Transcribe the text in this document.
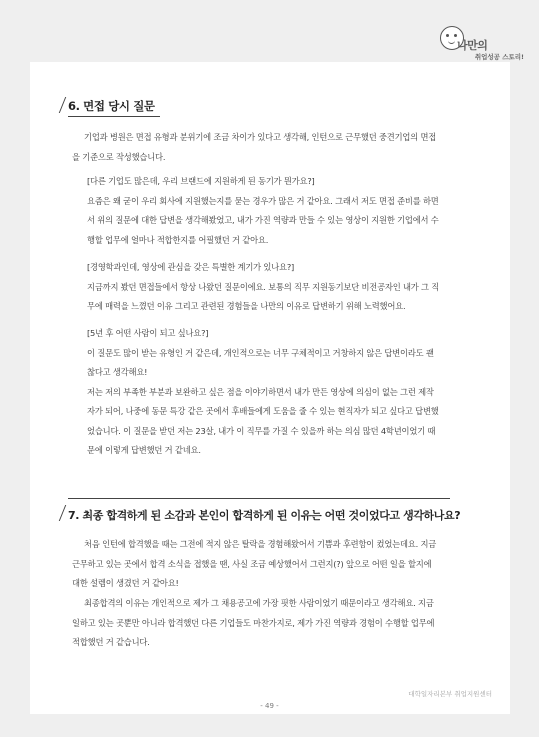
나만의
취업성공 스토리!
6. 면접 당시 질문

기업과 병원은 면접 유형과 분위기에 조금 차이가 있다고 생각해, 인턴으로 근무했던 중견기업의 면접

을 기준으로 작성했습니다.

[다른 기업도 많은데, 우리 브랜드에 지원하게 된 동기가 뭔가요?]

요즘은 왜 굳이 우리 회사에 지원했는지를 묻는 경우가 많은 거 같아요. 그래서 저도 면접 준비를 하면

서 위의 질문에 대한 답변을 생각해봤었고, 내가 가진 역량과 만들 수 있는 영상이 지원한 기업에서 수

행할 업무에 얼마나 적합한지를 어필했던 거 같아요.

[경영학과인데, 영상에 관심을 갖은 특별한 계기가 있나요?]

지금까지 봤던 면접들에서 항상 나왔던 질문이에요. 보통의 직무 지원동기보단 비전공자인 내가 그 직

무에 매력을 느꼈던 이유 그리고 관련된 경험들을 나만의 이유로 답변하기 위해 노력했어요.

[5년 후 어떤 사람이 되고 싶나요?]

이 질문도 많이 받는 유형인 거 같은데, 개인적으로는 너무 구체적이고 거창하지 않은 답변이라도 괜

찮다고 생각해요!

저는 저의 부족한 부분과 보완하고 싶은 점을 이야기하면서 내가 만든 영상에 의심이 없는 그런 제작

자가 되어, 나중에 동문 특강 같은 곳에서 후배들에게 도움을 줄 수 있는 현직자가 되고 싶다고 답변했

었습니다. 이 질문을 받던 저는 23살, 내가 이 직무를 가질 수 있을까 하는 의심 많던 4학년이었기 때

문에 이렇게 답변했던 거 같네요.

7. 최종 합격하게 된 소감과 본인이 합격하게 된 이유는 어떤 것이었다고 생각하나요?

처음 인턴에 합격했을 때는 그전에 적지 않은 탈락을 경험해왔어서 기쁨과 후련함이 컸었는데요. 지금

근무하고 있는 곳에서 합격 소식을 접했을 땐, 사실 조금 예상했어서 그런지(?) 앞으로 어떤 일을 할지에

대한 설렘이 생겼던 거 같아요!

최종합격의 이유는 개인적으로 제가 그 채용공고에 가장 핏한 사람이었기 때문이라고 생각해요. 지금

일하고 있는 곳뿐만 아니라 합격했던 다른 기업들도 마찬가지로, 제가 가진 역량과 경험이 수행할 업무에

적합했던 거 같습니다.

대학일자리본부 취업지원센터
- 49 -
